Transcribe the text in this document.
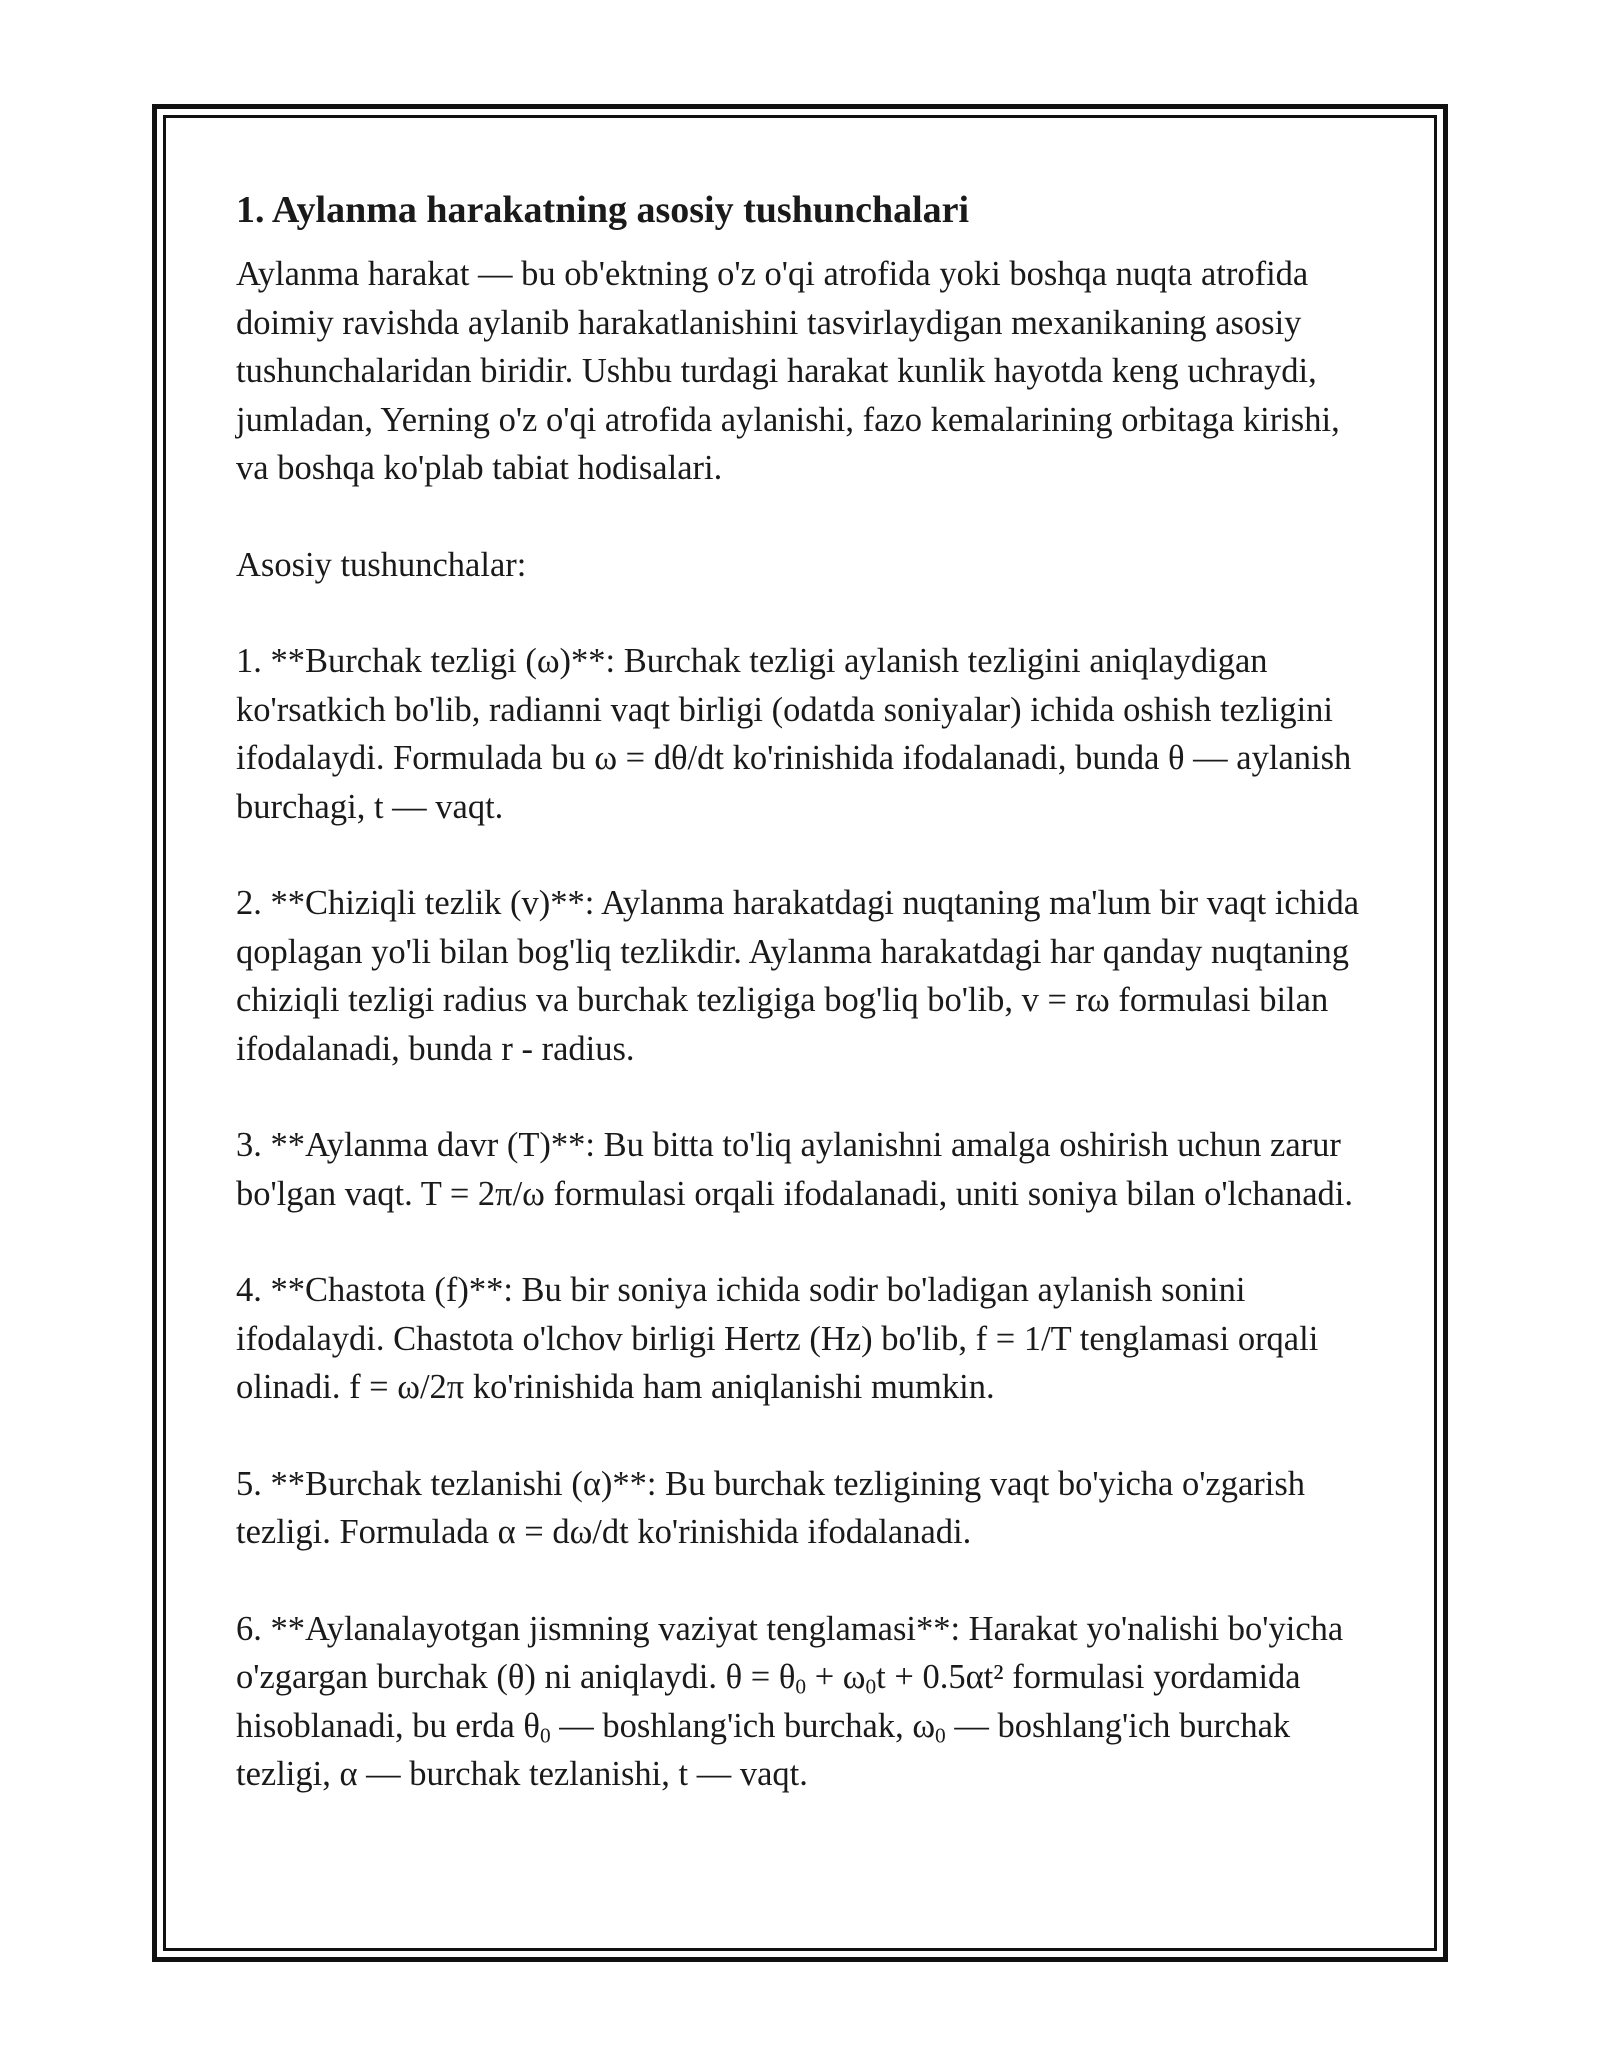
1. Aylanma harakatning asosiy tushunchalari

Aylanma harakat — bu ob'ektning o'z o'qi atrofida yoki boshqa nuqta atrofida doimiy ravishda aylanib harakatlanishini tasvirlaydigan mexanikaning asosiy tushunchalaridan biridir. Ushbu turdagi harakat kunlik hayotda keng uchraydi, jumladan, Yerning o'z o'qi atrofida aylanishi, fazo kemalarining orbitaga kirishi, va boshqa ko'plab tabiat hodisalari.

Asosiy tushunchalar:

1. **Burchak tezligi (ω)**: Burchak tezligi aylanish tezligini aniqlaydigan ko'rsatkich bo'lib, radianni vaqt birligi (odatda soniyalar) ichida oshish tezligini ifodalaydi. Formulada bu ω = dθ/dt ko'rinishida ifodalanadi, bunda θ — aylanish burchagi, t — vaqt.

2. **Chiziqli tezlik (v)**: Aylanma harakatdagi nuqtaning ma'lum bir vaqt ichida qoplagan yo'li bilan bog'liq tezlikdir. Aylanma harakatdagi har qanday nuqtaning chiziqli tezligi radius va burchak tezligiga bog'liq bo'lib, v = rω formulasi bilan ifodalanadi, bunda r - radius.

3. **Aylanma davr (T)**: Bu bitta to'liq aylanishni amalga oshirish uchun zarur bo'lgan vaqt. T = 2π/ω formulasi orqali ifodalanadi, uniti soniya bilan o'lchanadi.

4. **Chastota (f)**: Bu bir soniya ichida sodir bo'ladigan aylanish sonini ifodalaydi. Chastota o'lchov birligi Hertz (Hz) bo'lib, f = 1/T tenglamasi orqali olinadi. f = ω/2π ko'rinishida ham aniqlanishi mumkin.

5. **Burchak tezlanishi (α)**: Bu burchak tezligining vaqt bo'yicha o'zgarish tezligi. Formulada α = dω/dt ko'rinishida ifodalanadi.

6. **Aylanalayotgan jismning vaziyat tenglamasi**: Harakat yo'nalishi bo'yicha o'zgargan burchak (θ) ni aniqlaydi. $\theta = \theta_0 + \omega_0t + 0.5\alpha t^2$ formulasi yordamida hisoblanadi, bu erda $\theta_0$ — boshlang'ich burchak, $\omega_0$ — boshlang'ich burchak tezligi, α — burchak tezlanishi, t — vaqt.
